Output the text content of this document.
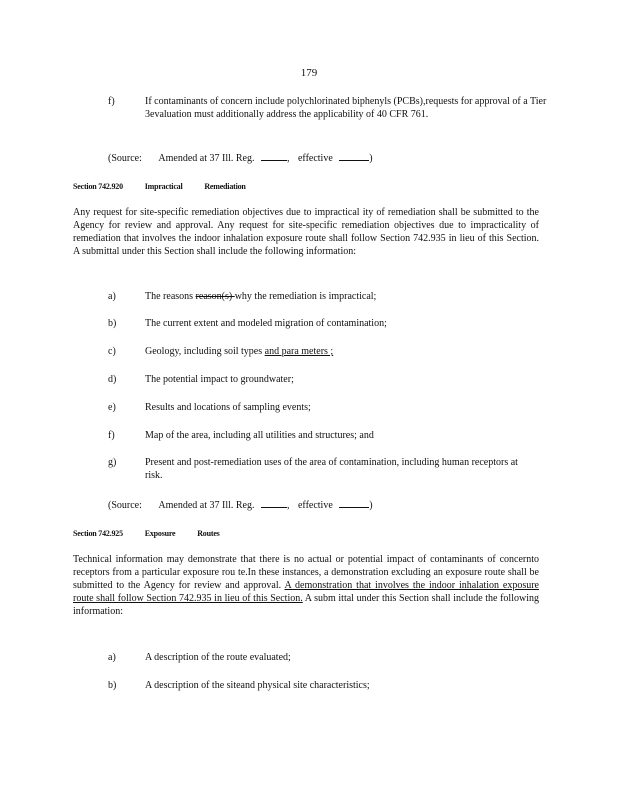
179
f)	If contaminants of concern include polychlorinated biphenyls (PCBs),requests for approval of a Tier 3evaluation must additionally address the applicability of 40 CFR 761.
(Source: Amended at 37 Ill. Reg.	, effective	)
Section 742.920	Impractical	Remediation
Any request for site-specific remediation objectives due to impractical ity of remediation shall be submitted to the Agency for review and approval. Any request for site-specific remediation objectives due to impracticality of remediation that involves the indoor inhalation exposure route shall follow Section 742.935 in lieu of this Section. A submittal under this Section shall include the following information:
a)	The reasons reason(s) why the remediation is impractical;
b)	The current extent and modeled migration of contamination;
c)	Geology, including soil types and para meters ;
d)	The potential impact to groundwater;
e)	Results and locations of sampling events;
f)	Map of the area, including all utilities and structures; and
g)	Present and post-remediation uses of the area of contamination, including human receptors at risk.
(Source: Amended at 37 Ill. Reg.	, effective	)
Section 742.925	Exposure	Routes
Technical information may demonstrate that there is no actual or potential impact of contaminants of concernto receptors from a particular exposure rou te.In these instances, a demonstration excluding an exposure route shall be submitted to the Agency for review and approval. A demonstration that involves the indoor inhalation exposure route shall follow Section 742.935 in lieu of this Section. A subm ittal under this Section shall include the following information:
a)	A description of the route evaluated;
b)	A description of the siteand physical site characteristics;
